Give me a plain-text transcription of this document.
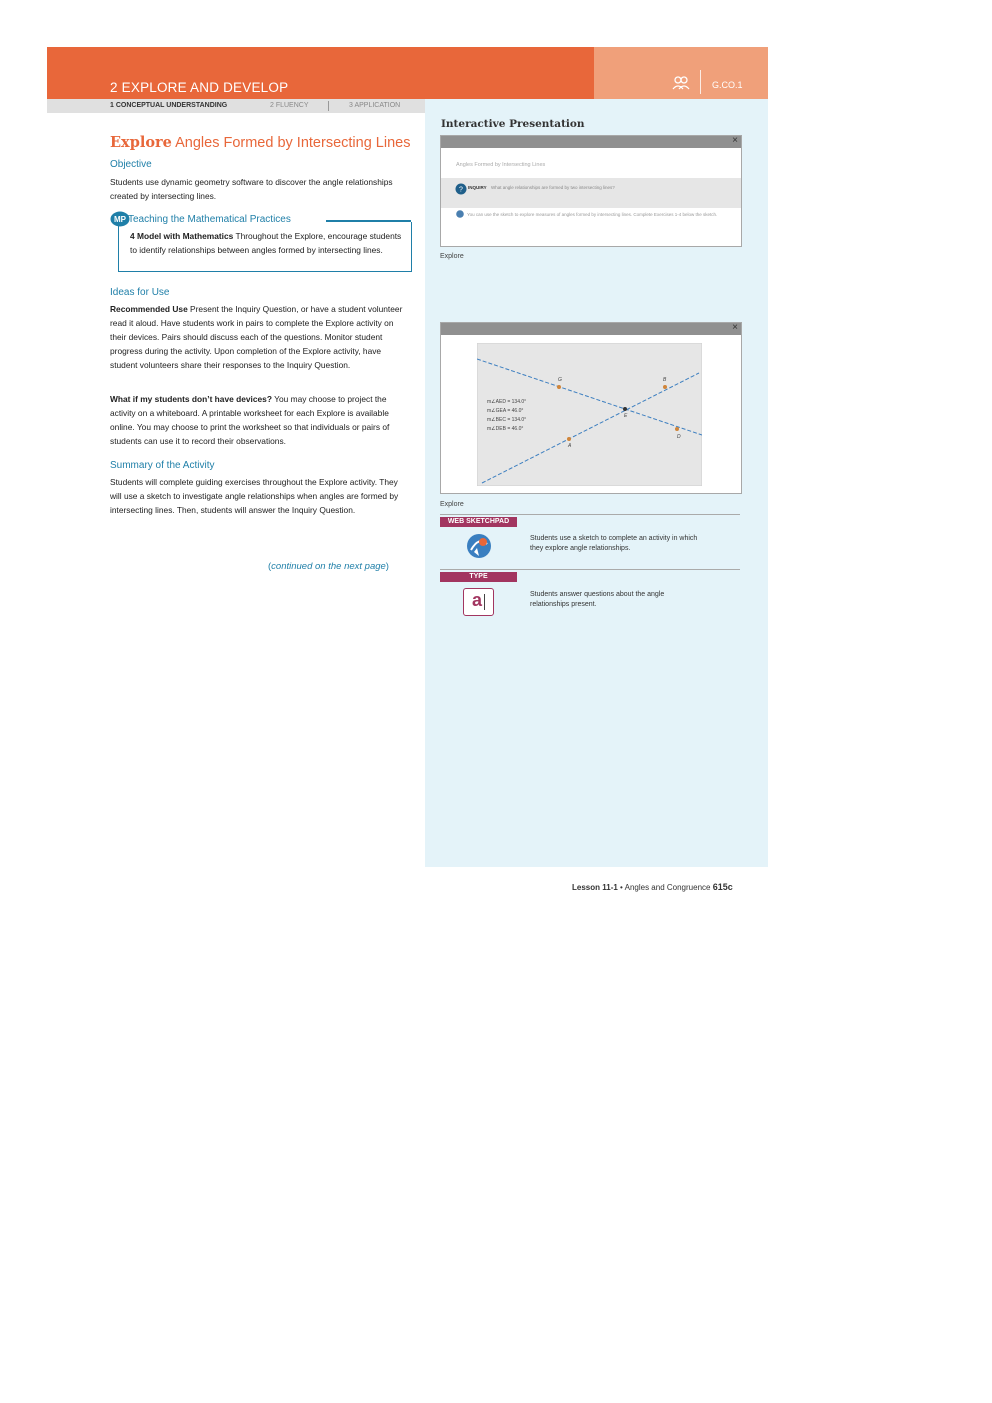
2 EXPLORE AND DEVELOP	G.CO.1
1 CONCEPTUAL UNDERSTANDING	2 FLUENCY	3 APPLICATION
Interactive Presentation
×
Angles Formed by Intersecting Lines
? INQUIRY What angle relationships are formed by two intersecting lines?
You can use the sketch to explore measures of angles formed by intersecting lines. Complete Exercises 1-4 below the sketch.
Explore
×
G	B
E
A
D
m∠AED = 134.0°
m∠GEA = 46.0°
m∠BEC = 134.0°
m∠DEB = 46.0°
Explore
WEB SKETCHPAD
Students use a sketch to complete an activity in which they explore angle relationships.
TYPE
a	Students answer questions about the angle relationships present.
Explore Angles Formed by Intersecting Lines
Objective
Students use dynamic geometry software to discover the angle relationships created by intersecting lines.
MP Teaching the Mathematical Practices
4 Model with Mathematics Throughout the Explore, encourage students to identify relationships between angles formed by intersecting lines.
Ideas for Use
Recommended Use Present the Inquiry Question, or have a student volunteer read it aloud. Have students work in pairs to complete the Explore activity on their devices. Pairs should discuss each of the questions. Monitor student progress during the activity. Upon completion of the Explore activity, have student volunteers share their responses to the Inquiry Question.
What if my students don’t have devices? You may choose to project the activity on a whiteboard. A printable worksheet for each Explore is available online. You may choose to print the worksheet so that individuals or pairs of students can use it to record their observations.
Summary of the Activity
Students will complete guiding exercises throughout the Explore activity. They will use a sketch to investigate angle relationships when angles are formed by intersecting lines. Then, students will answer the Inquiry Question.
(continued on the next page)
Lesson 11-1 • Angles and Congruence 615c
